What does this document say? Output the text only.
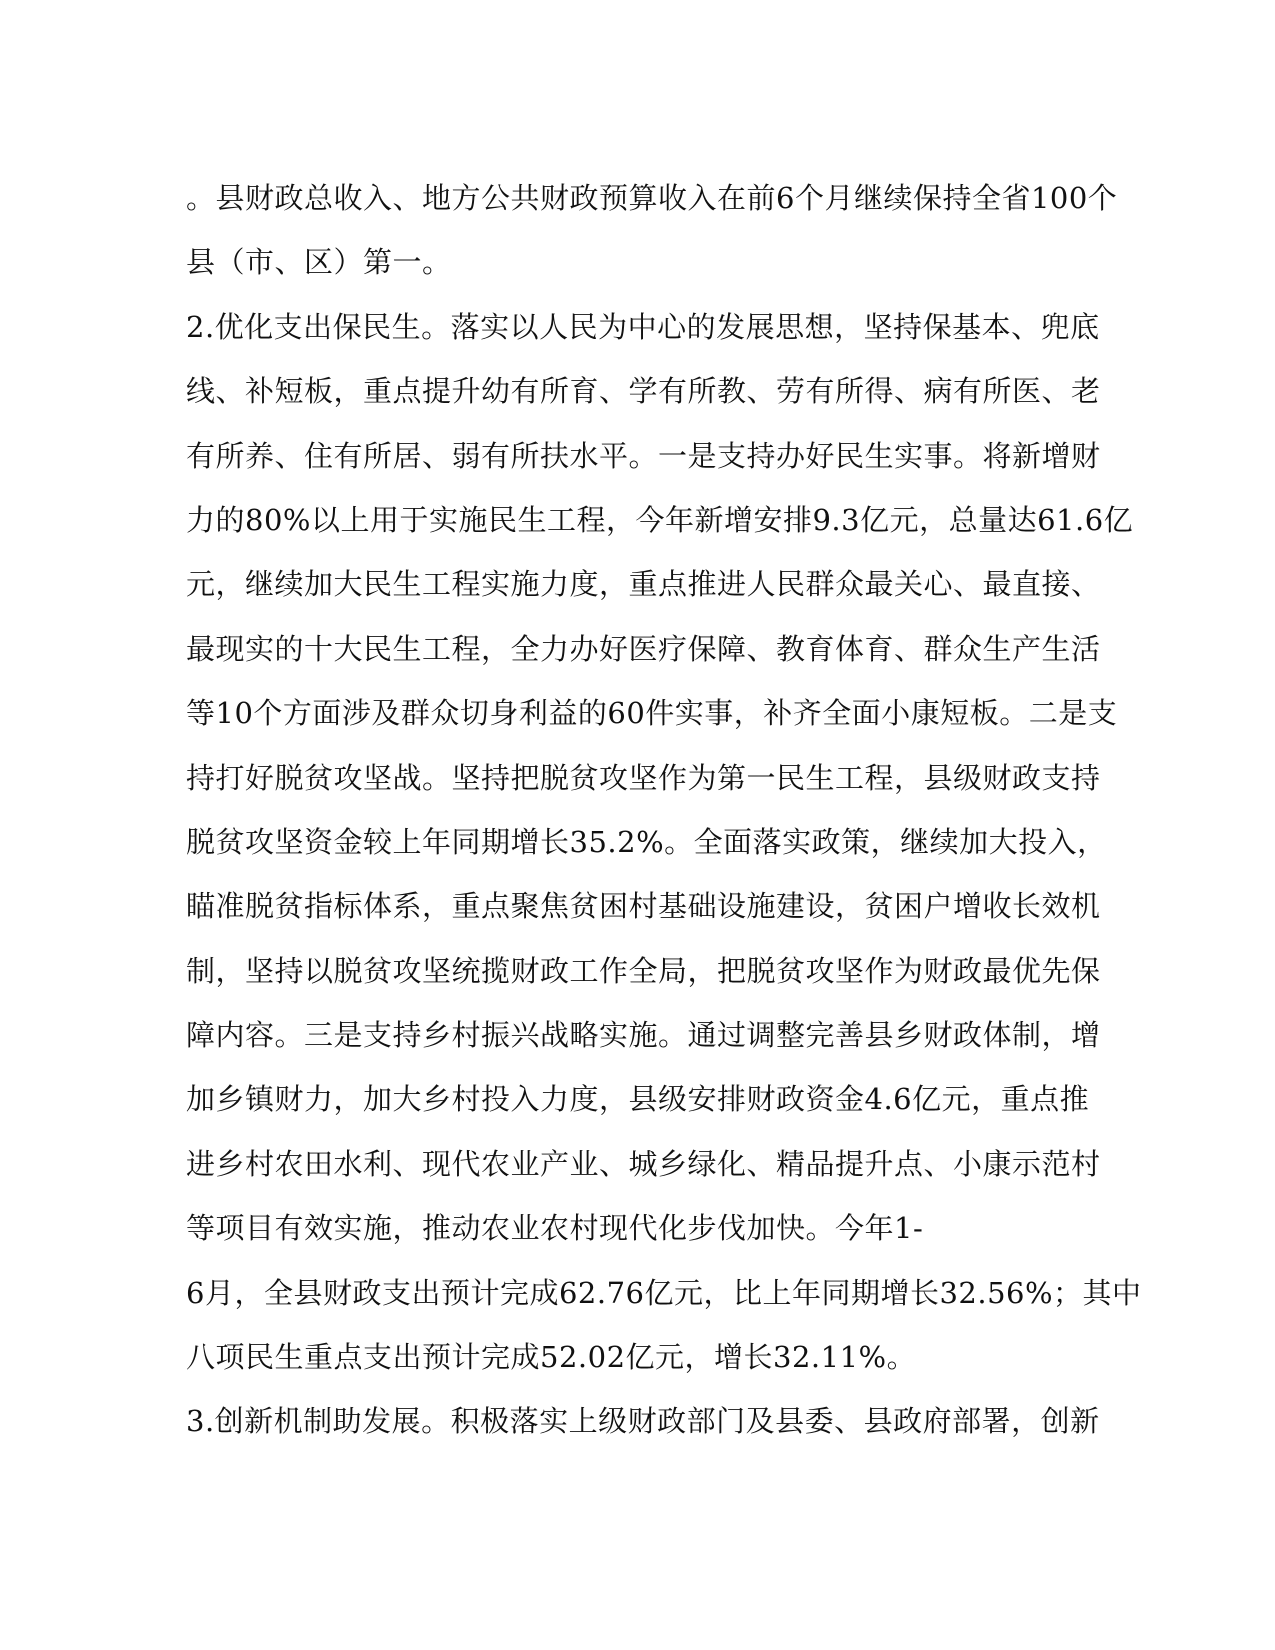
。县财政总收入、地方公共财政预算收入在前6个月继续保持全省100个
县（市、区）第一。
2.优化支出保民生。落实以人民为中心的发展思想，坚持保基本、兜底
线、补短板，重点提升幼有所育、学有所教、劳有所得、病有所医、老
有所养、住有所居、弱有所扶水平。一是支持办好民生实事。将新增财
力的80%以上用于实施民生工程，今年新增安排9.3亿元，总量达61.6亿
元，继续加大民生工程实施力度，重点推进人民群众最关心、最直接、
最现实的十大民生工程，全力办好医疗保障、教育体育、群众生产生活
等10个方面涉及群众切身利益的60件实事，补齐全面小康短板。二是支
持打好脱贫攻坚战。坚持把脱贫攻坚作为第一民生工程，县级财政支持
脱贫攻坚资金较上年同期增长35.2%。全面落实政策，继续加大投入，
瞄准脱贫指标体系，重点聚焦贫困村基础设施建设，贫困户增收长效机
制，坚持以脱贫攻坚统揽财政工作全局，把脱贫攻坚作为财政最优先保
障内容。三是支持乡村振兴战略实施。通过调整完善县乡财政体制，增
加乡镇财力，加大乡村投入力度，县级安排财政资金4.6亿元，重点推
进乡村农田水利、现代农业产业、城乡绿化、精品提升点、小康示范村
等项目有效实施，推动农业农村现代化步伐加快。今年1-
6月，全县财政支出预计完成62.76亿元，比上年同期增长32.56%；其中
八项民生重点支出预计完成52.02亿元，增长32.11%。
3.创新机制助发展。积极落实上级财政部门及县委、县政府部署，创新
